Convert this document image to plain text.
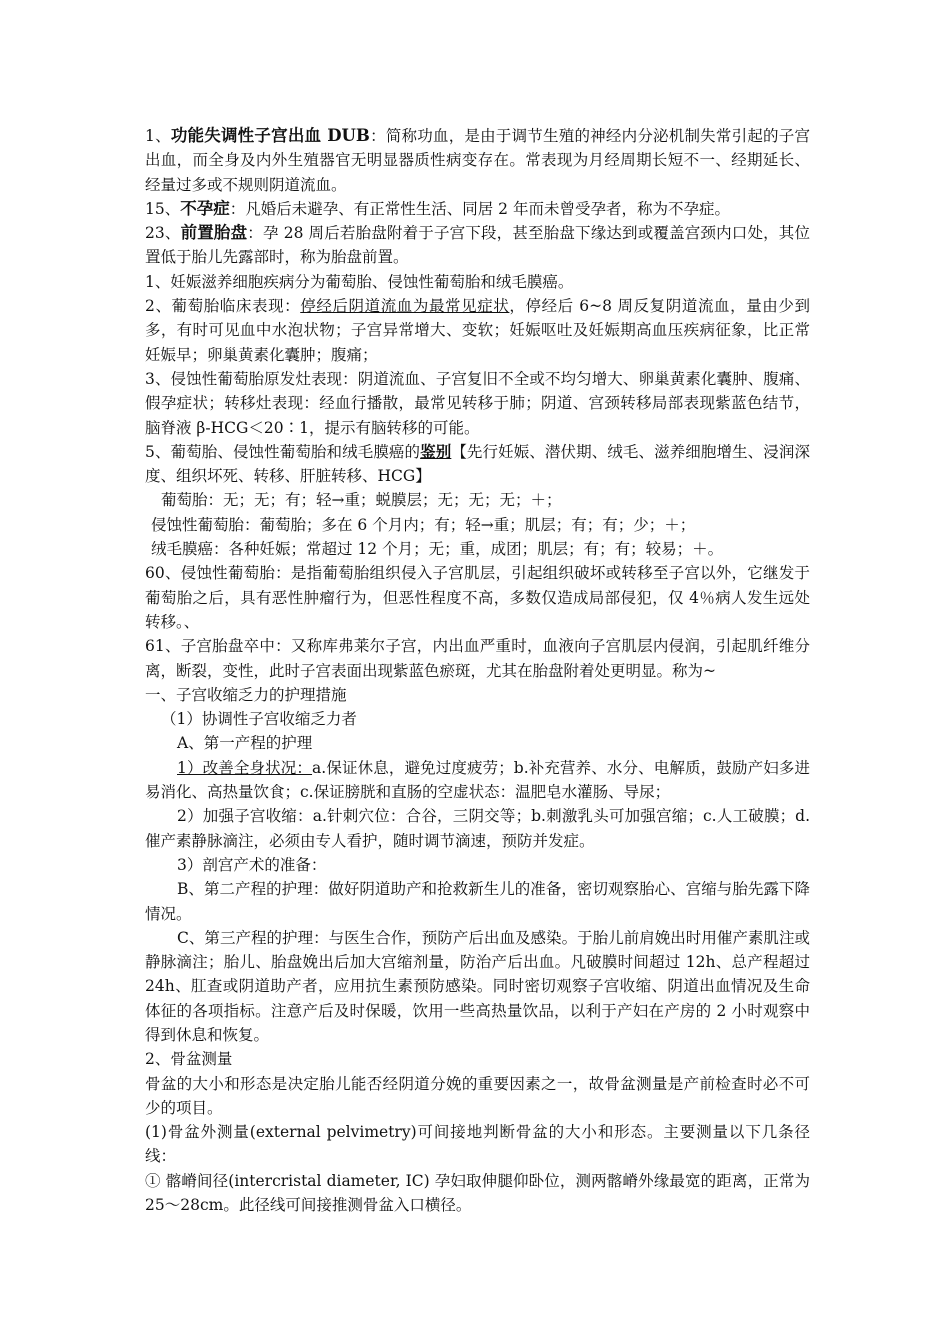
1、功能失调性子宫出血 DUB：简称功血，是由于调节生殖的神经内分泌机制失常引起的子宫出血，而全身及内外生殖器官无明显器质性病变存在。常表现为月经周期长短不一、经期延长、经量过多或不规则阴道流血。

15、不孕症：凡婚后未避孕、有正常性生活、同居 2 年而未曾受孕者，称为不孕症。

23、前置胎盘：孕 28 周后若胎盘附着于子宫下段，甚至胎盘下缘达到或覆盖宫颈内口处，其位置低于胎儿先露部时，称为胎盘前置。

1、妊娠滋养细胞疾病分为葡萄胎、侵蚀性葡萄胎和绒毛膜癌。

2、葡萄胎临床表现：停经后阴道流血为最常见症状，停经后 6~8 周反复阴道流血，量由少到多，有时可见血中水泡状物；子宫异常增大、变软；妊娠呕吐及妊娠期高血压疾病征象，比正常妊娠早；卵巢黄素化囊肿；腹痛；

3、侵蚀性葡萄胎原发灶表现：阴道流血、子宫复旧不全或不均匀增大、卵巢黄素化囊肿、腹痛、假孕症状；转移灶表现：经血行播散，最常见转移于肺；阴道、宫颈转移局部表现紫蓝色结节，脑脊液 β-HCG＜20∶1，提示有脑转移的可能。

5、葡萄胎、侵蚀性葡萄胎和绒毛膜癌的鉴别【先行妊娠、潜伏期、绒毛、滋养细胞增生、浸润深度、组织坏死、转移、肝脏转移、HCG】

葡萄胎：无；无；有；轻→重；蜕膜层；无；无；无；＋；

侵蚀性葡萄胎：葡萄胎；多在 6 个月内；有；轻→重；肌层；有；有；少；＋；

绒毛膜癌：各种妊娠；常超过 12 个月；无；重，成团；肌层；有；有；较易；＋。

60、侵蚀性葡萄胎：是指葡萄胎组织侵入子宫肌层，引起组织破坏或转移至子宫以外，它继发于葡萄胎之后，具有恶性肿瘤行为，但恶性程度不高，多数仅造成局部侵犯，仅 4％病人发生远处转移。、

61、子宫胎盘卒中：又称库弗莱尔子宫，内出血严重时，血液向子宫肌层内侵润，引起肌纤维分离，断裂，变性，此时子宫表面出现紫蓝色瘀斑，尤其在胎盘附着处更明显。称为~

一、子宫收缩乏力的护理措施

（1）协调性子宫收缩乏力者

A、第一产程的护理

1）改善全身状况：a.保证休息，避免过度疲劳；b.补充营养、水分、电解质，鼓励产妇多进易消化、高热量饮食；c.保证膀胱和直肠的空虚状态：温肥皂水灌肠、导尿；

2）加强子宫收缩：a.针刺穴位：合谷，三阴交等；b.刺激乳头可加强宫缩；c.人工破膜；d.催产素静脉滴注，必须由专人看护，随时调节滴速，预防并发症。

3）剖宫产术的准备：

B、第二产程的护理：做好阴道助产和抢救新生儿的准备，密切观察胎心、宫缩与胎先露下降情况。

C、第三产程的护理：与医生合作，预防产后出血及感染。于胎儿前肩娩出时用催产素肌注或静脉滴注；胎儿、胎盘娩出后加大宫缩剂量，防治产后出血。凡破膜时间超过 12h、总产程超过 24h、肛查或阴道助产者，应用抗生素预防感染。同时密切观察子宫收缩、阴道出血情况及生命体征的各项指标。注意产后及时保暖，饮用一些高热量饮品，以利于产妇在产房的 2 小时观察中得到休息和恢复。

2、骨盆测量

骨盆的大小和形态是决定胎儿能否经阴道分娩的重要因素之一，故骨盆测量是产前检查时必不可少的项目。

(1)骨盆外测量(external pelvimetry)可间接地判断骨盆的大小和形态。主要测量以下几条径线：

① 髂嵴间径(intercristal diameter, IC) 孕妇取伸腿仰卧位，测两髂嵴外缘最宽的距离，正常为 25～28cm。此径线可间接推测骨盆入口横径。
